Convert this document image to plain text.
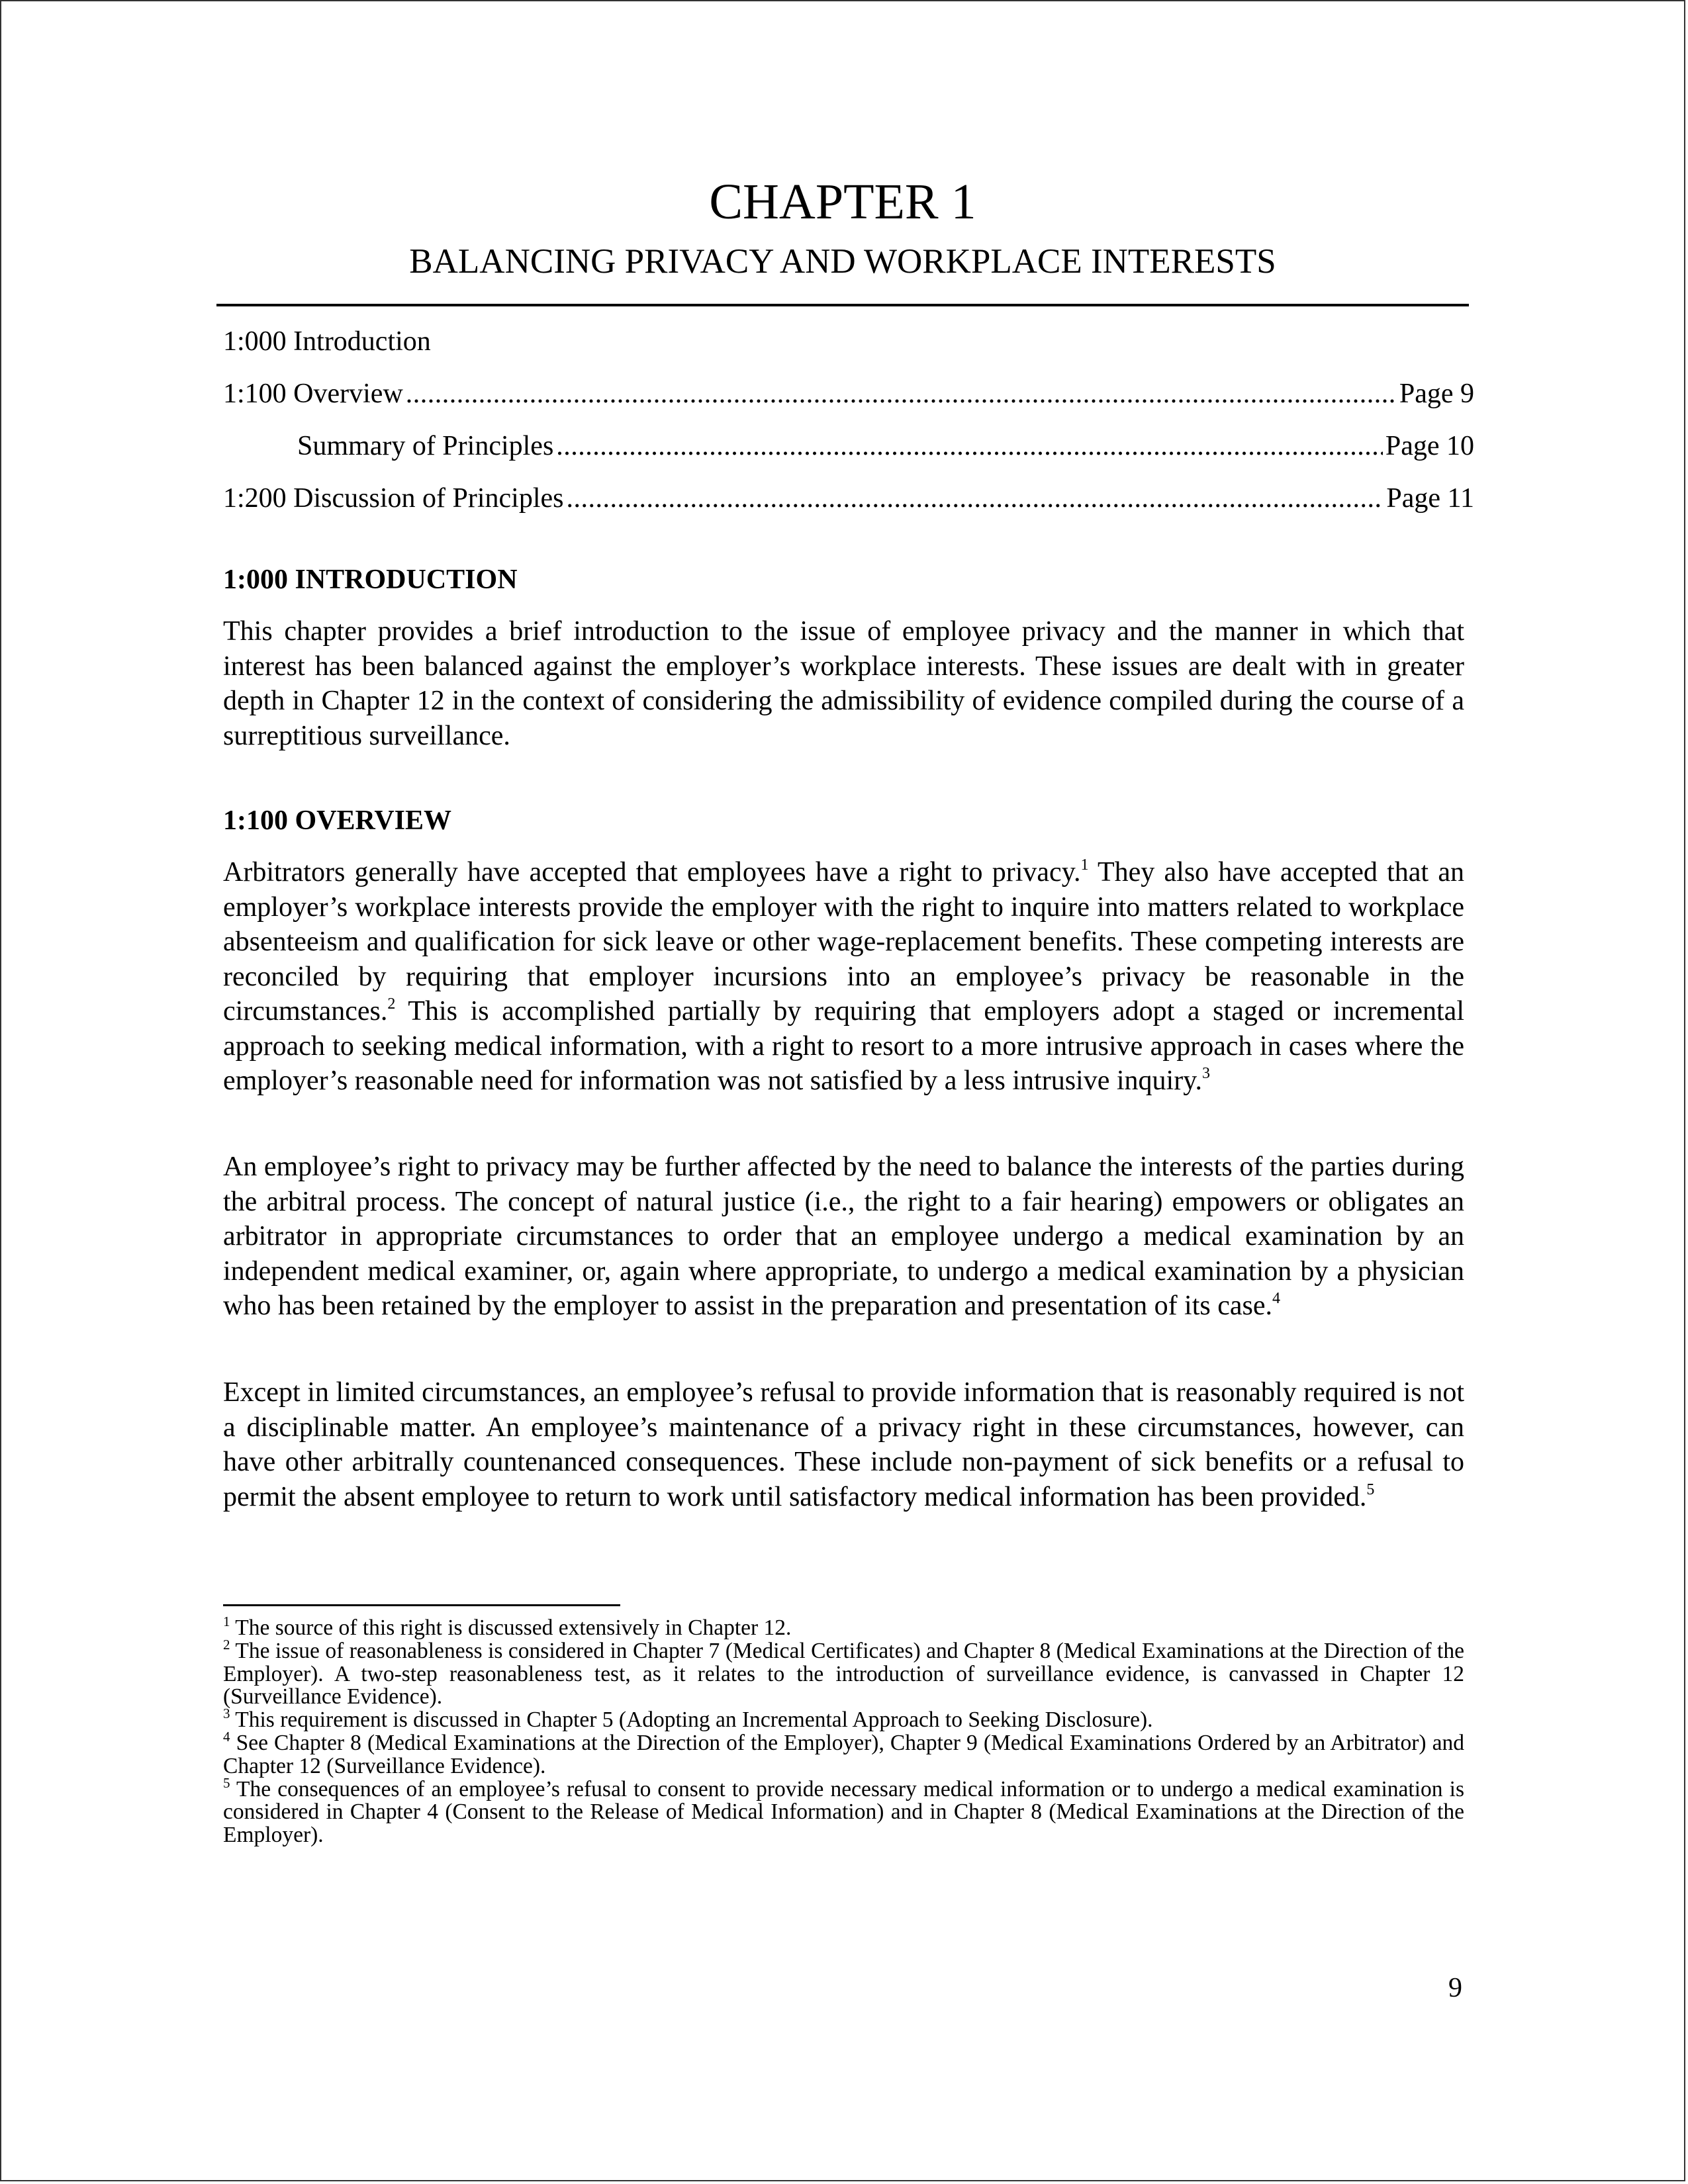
CHAPTER 1
BALANCING PRIVACY AND WORKPLACE INTERESTS
1:000 Introduction
1:100 Overview . . .	Page 9
Summary of Principles . . .	Page 10
1:200 Discussion of Principles . . .	Page 11
1:000 INTRODUCTION

This chapter provides a brief introduction to the issue of employee privacy and the manner in which that interest has been balanced against the employer’s workplace interests. These issues are dealt with in greater depth in Chapter 12 in the context of considering the admissibility of evidence compiled during the course of a surreptitious surveillance.

1:100 OVERVIEW

Arbitrators generally have accepted that employees have a right to privacy.$^1$ They also have accepted that an employer’s workplace interests provide the employer with the right to inquire into matters related to workplace absenteeism and qualification for sick leave or other wage-replacement benefits. These competing interests are reconciled by requiring that employer incursions into an employee’s privacy be reasonable in the circumstances.$^2$ This is accomplished partially by requiring that employers adopt a staged or incremental approach to seeking medical information, with a right to resort to a more intrusive approach in cases where the employer’s reasonable need for information was not satisfied by a less intrusive inquiry.$^3$

An employee’s right to privacy may be further affected by the need to balance the interests of the parties during the arbitral process. The concept of natural justice (i.e., the right to a fair hearing) empowers or obligates an arbitrator in appropriate circumstances to order that an employee undergo a medical examination by an independent medical examiner, or, again where appropriate, to undergo a medical examination by a physician who has been retained by the employer to assist in the preparation and presentation of its case.$^4$

Except in limited circumstances, an employee’s refusal to provide information that is reasonably required is not a disciplinable matter. An employee’s maintenance of a privacy right in these circumstances, however, can have other arbitrally countenanced consequences. These include non-payment of sick benefits or a refusal to permit the absent employee to return to work until satisfactory medical information has been provided.$^5$

$^1$ The source of this right is discussed extensively in Chapter 12.

$^2$ The issue of reasonableness is considered in Chapter 7 (Medical Certificates) and Chapter 8 (Medical Examinations at the Direction of the Employer). A two-step reasonableness test, as it relates to the introduction of surveillance evidence, is canvassed in Chapter 12 (Surveillance Evidence).

$^3$ This requirement is discussed in Chapter 5 (Adopting an Incremental Approach to Seeking Disclosure).

$^4$ See Chapter 8 (Medical Examinations at the Direction of the Employer), Chapter 9 (Medical Examinations Ordered by an Arbitrator) and Chapter 12 (Surveillance Evidence).

$^5$ The consequences of an employee’s refusal to consent to provide necessary medical information or to undergo a medical examination is considered in Chapter 4 (Consent to the Release of Medical Information) and in Chapter 8 (Medical Examinations at the Direction of the Employer).

9
